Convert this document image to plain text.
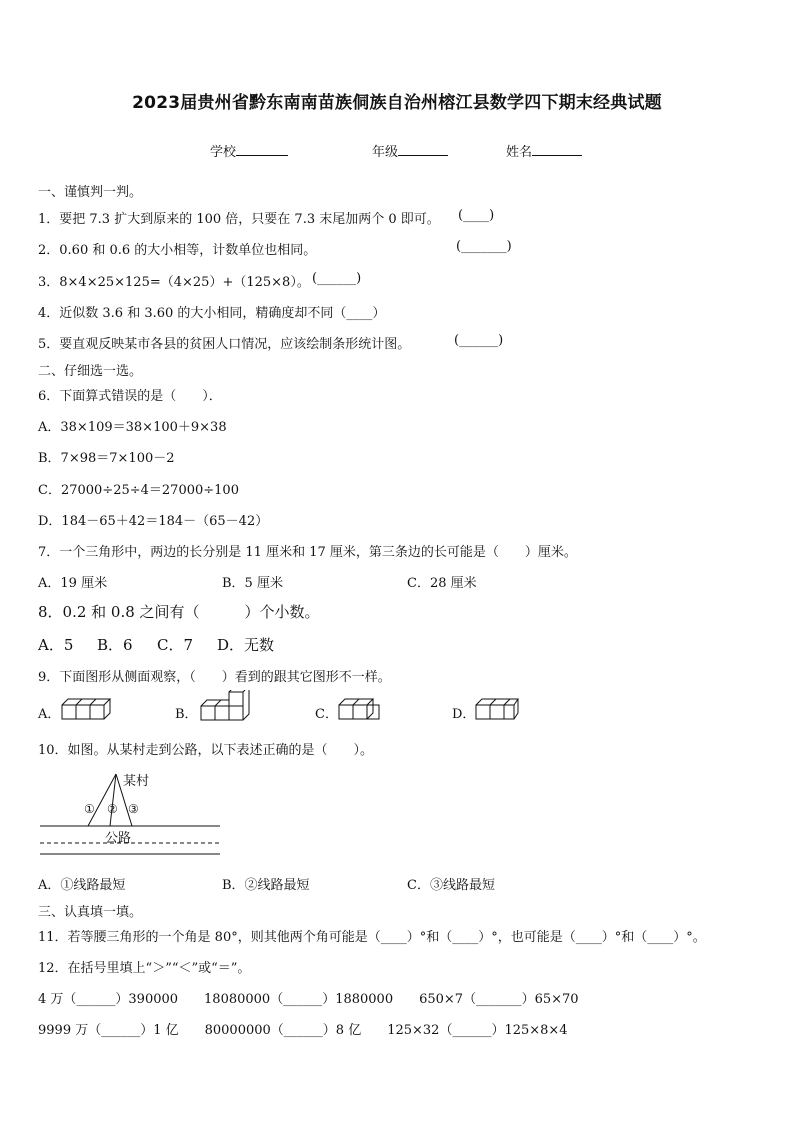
2023届贵州省黔东南南苗族侗族自治州榕江县数学四下期末经典试题
学校	年级	姓名
一、谨慎判一判。
1．要把 7.3 扩大到原来的 100 倍，只要在 7.3 末尾加两个 0 即可。 (____)
2．0.60 和 0.6 的大小相等，计数单位也相同。	(_______)
3．8×4×25×125=（4×25）+（125×8）。 (______)
4．近似数 3.6 和 3.60 的大小相同，精确度却不同（____）
5．要直观反映某市各县的贫困人口情况，应该绘制条形统计图。	(______)
二、仔细选一选。
6．下面算式错误的是（　　）．
A．38×109＝38×100＋9×38
B．7×98＝7×100－2
C．27000÷25÷4＝27000÷100
D．184－65＋42＝184－（65－42）
7．一个三角形中，两边的长分别是 11 厘米和 17 厘米，第三条边的长可能是（　　）厘米。
A．19 厘米	B．5 厘米	C．28 厘米
8．0.2 和 0.8 之间有（　　　）个小数。
A．5 B．6 C．7 D．无数
9．下面图形从侧面观察，（　　）看到的跟其它图形不一样。
A．	B．	C．	D．
10．如图。从某村走到公路，以下表述正确的是（　　）。
某村
公路
① ② ③
A．①线路最短	B．②线路最短	C．③线路最短
三、认真填一填。
11．若等腰三角形的一个角是 80°，则其他两个角可能是（____）°和（____）°，也可能是（____）°和（____）°。
12．在括号里填上“＞”“＜”或“＝”。
4 万（______）390000　　18080000（______）1880000　　650×7（_______）65×70
9999 万（______）1 亿　　80000000（______）8 亿　　125×32（______）125×8×4
